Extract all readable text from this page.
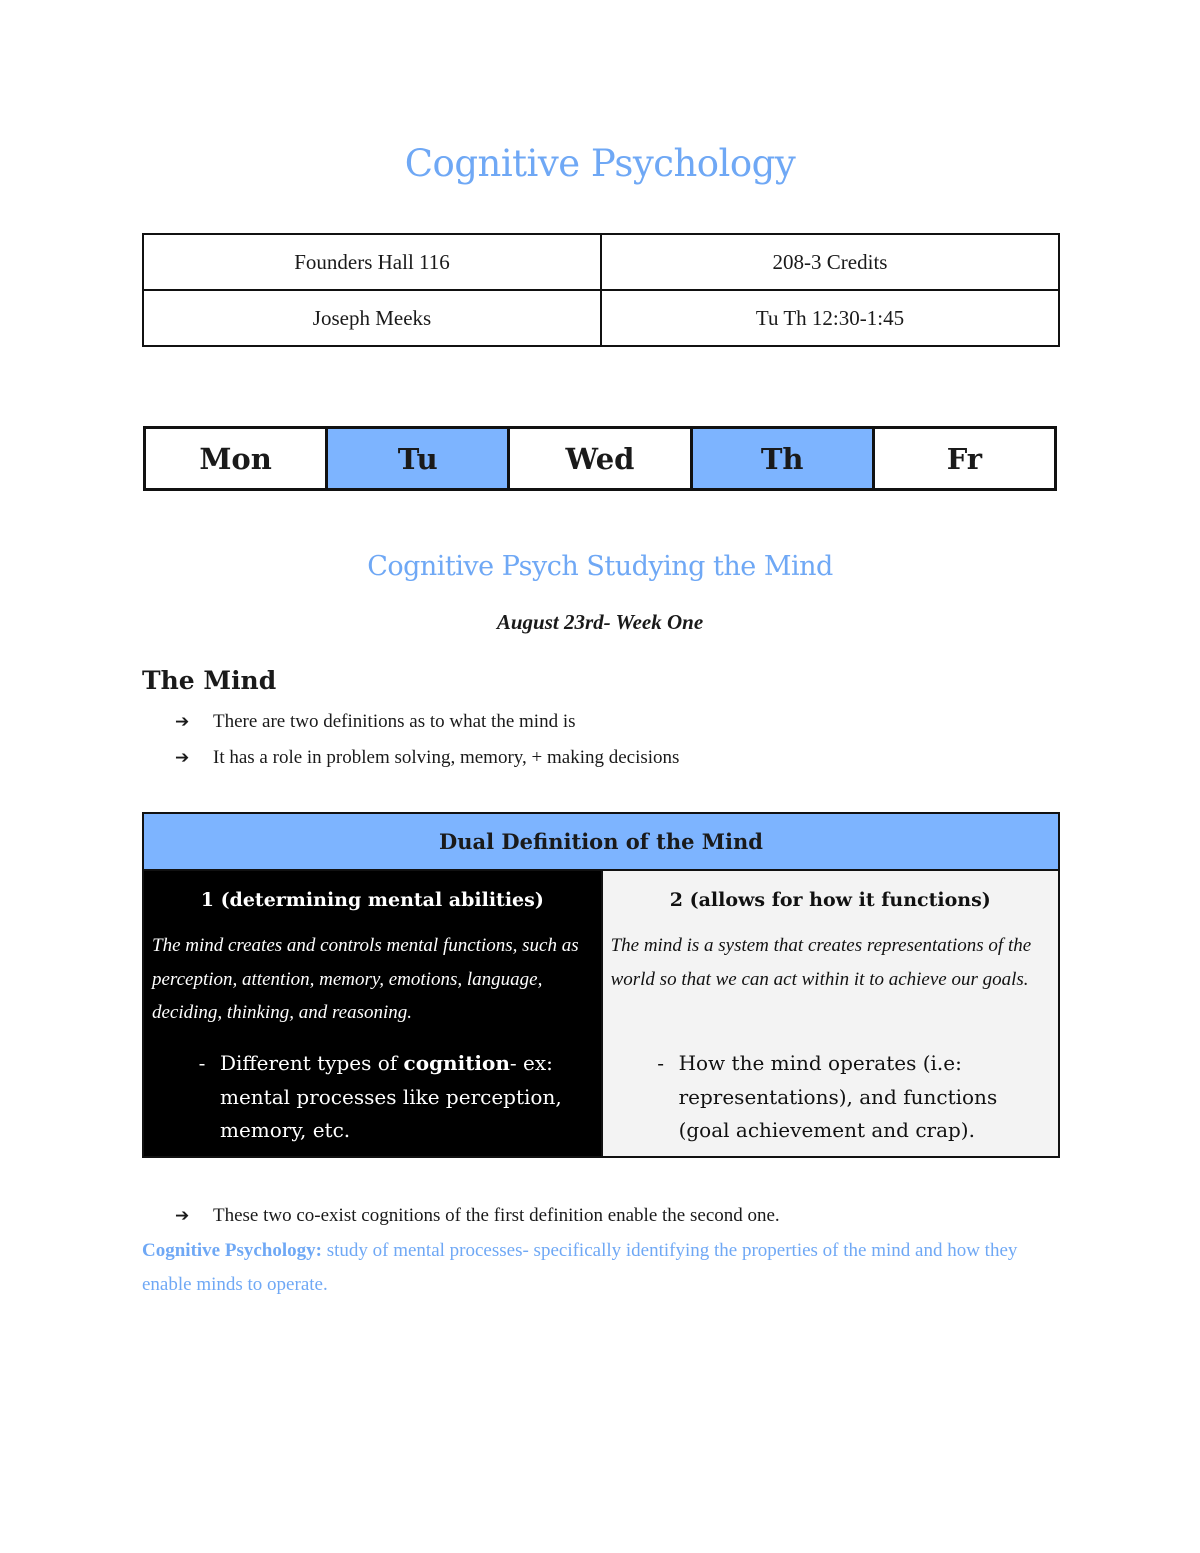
Cognitive Psychology
Founders Hall 116	208-3 Credits
Joseph Meeks	Tu Th 12:30-1:45
Mon	Tu	Wed	Th	Fr
Cognitive Psych Studying the Mind
August 23rd- Week One
The Mind
➔ There are two definitions as to what the mind is
➔ It has a role in problem solving, memory, + making decisions
Dual Definition of the Mind

1 (determining mental abilities)
The mind creates and controls mental functions, such as perception, attention, memory, emotions, language, deciding, thinking, and reasoning.
- Different types of cognition- ex: mental processes like perception, memory, etc.

2 (allows for how it functions)
The mind is a system that creates representations of the world so that we can act within it to achieve our goals.
- How the mind operates (i.e: representations), and functions (goal achievement and crap).
➔ These two co-exist cognitions of the first definition enable the second one.
Cognitive Psychology: study of mental processes- specifically identifying the properties of the mind and how they enable minds to operate.
